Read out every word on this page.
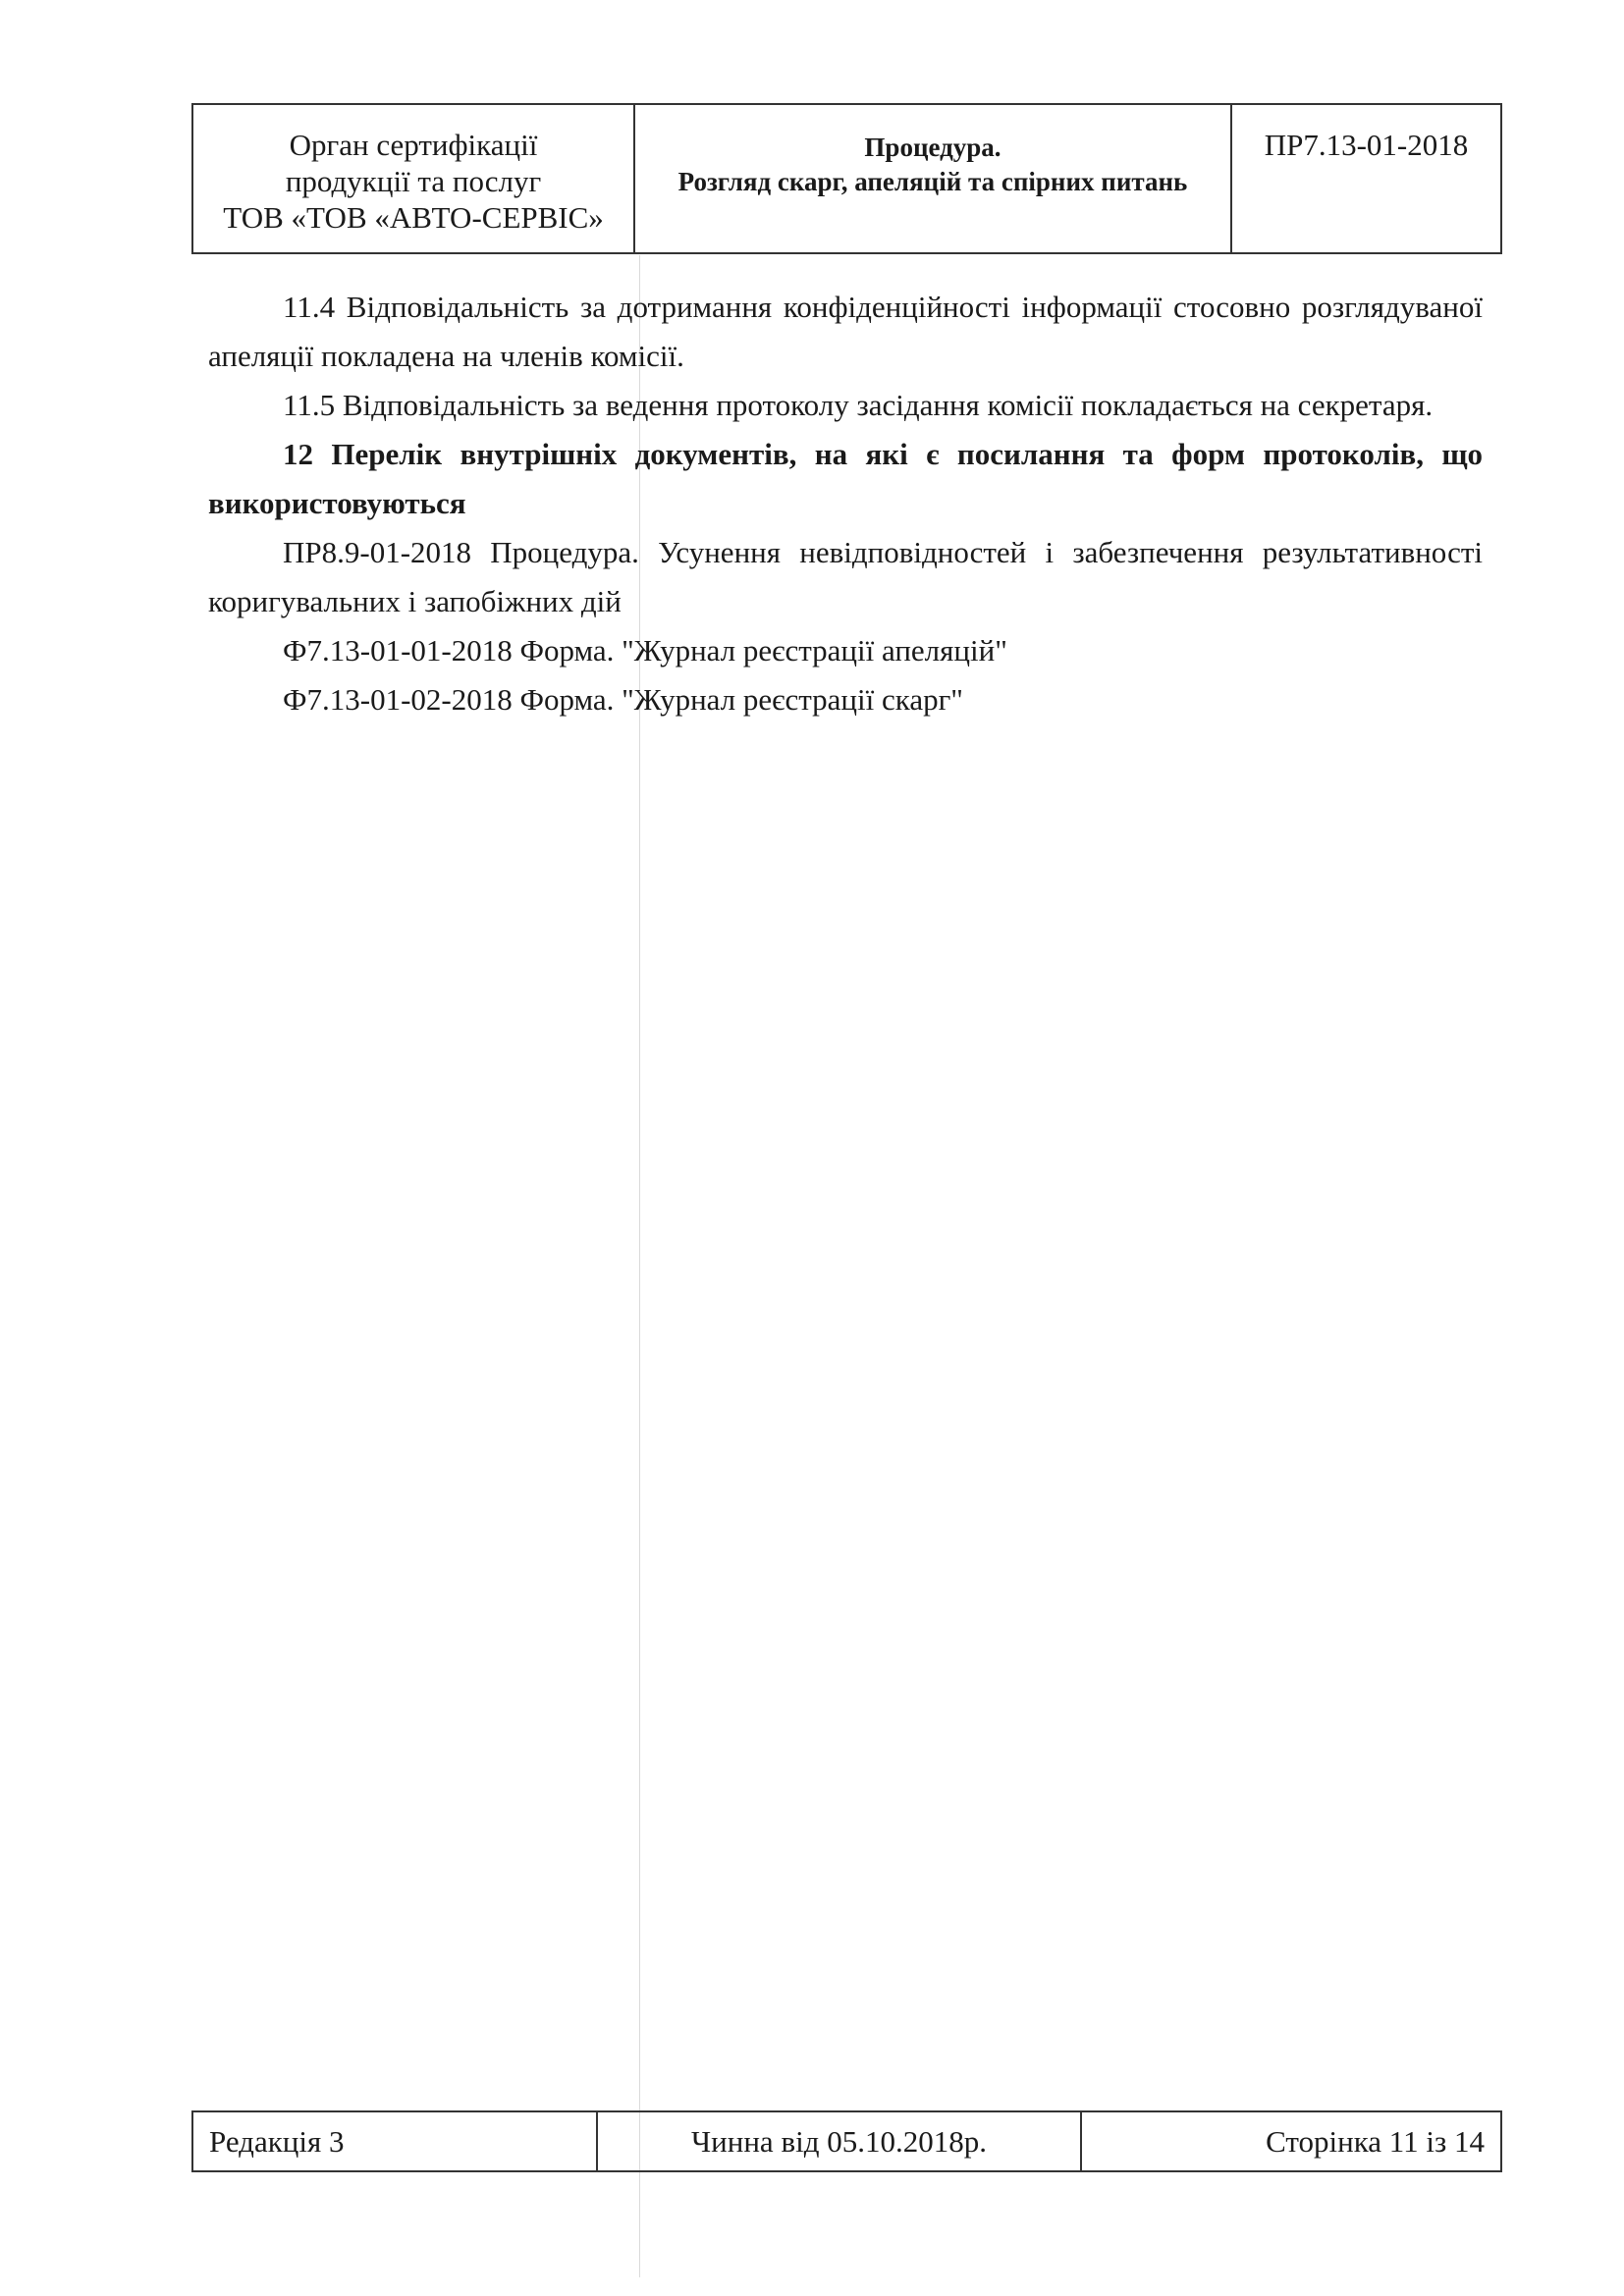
Орган сертифікації
продукції та послуг
ТОВ «ТОВ «АВТО-СЕРВІС»
Процедура.
Розгляд скарг, апеляцій та спірних питань
ПР7.13-01-2018

11.4 Відповідальність за дотримання конфіденційності інформації стосовно розглядуваної апеляції покладена на членів комісії.

11.5 Відповідальність за ведення протоколу засідання комісії покладається на секретаря.

12 Перелік внутрішніх документів, на які є посилання та форм протоколів, що використовуються

ПР8.9-01-2018 Процедура. Усунення невідповідностей і забезпечення результативності коригувальних і запобіжних дій

Ф7.13-01-01-2018 Форма. "Журнал реєстрації апеляцій"

Ф7.13-01-02-2018 Форма. "Журнал реєстрації скарг"

Редакція 3	Чинна від 05.10.2018р.	Сторінка 11 із 14
